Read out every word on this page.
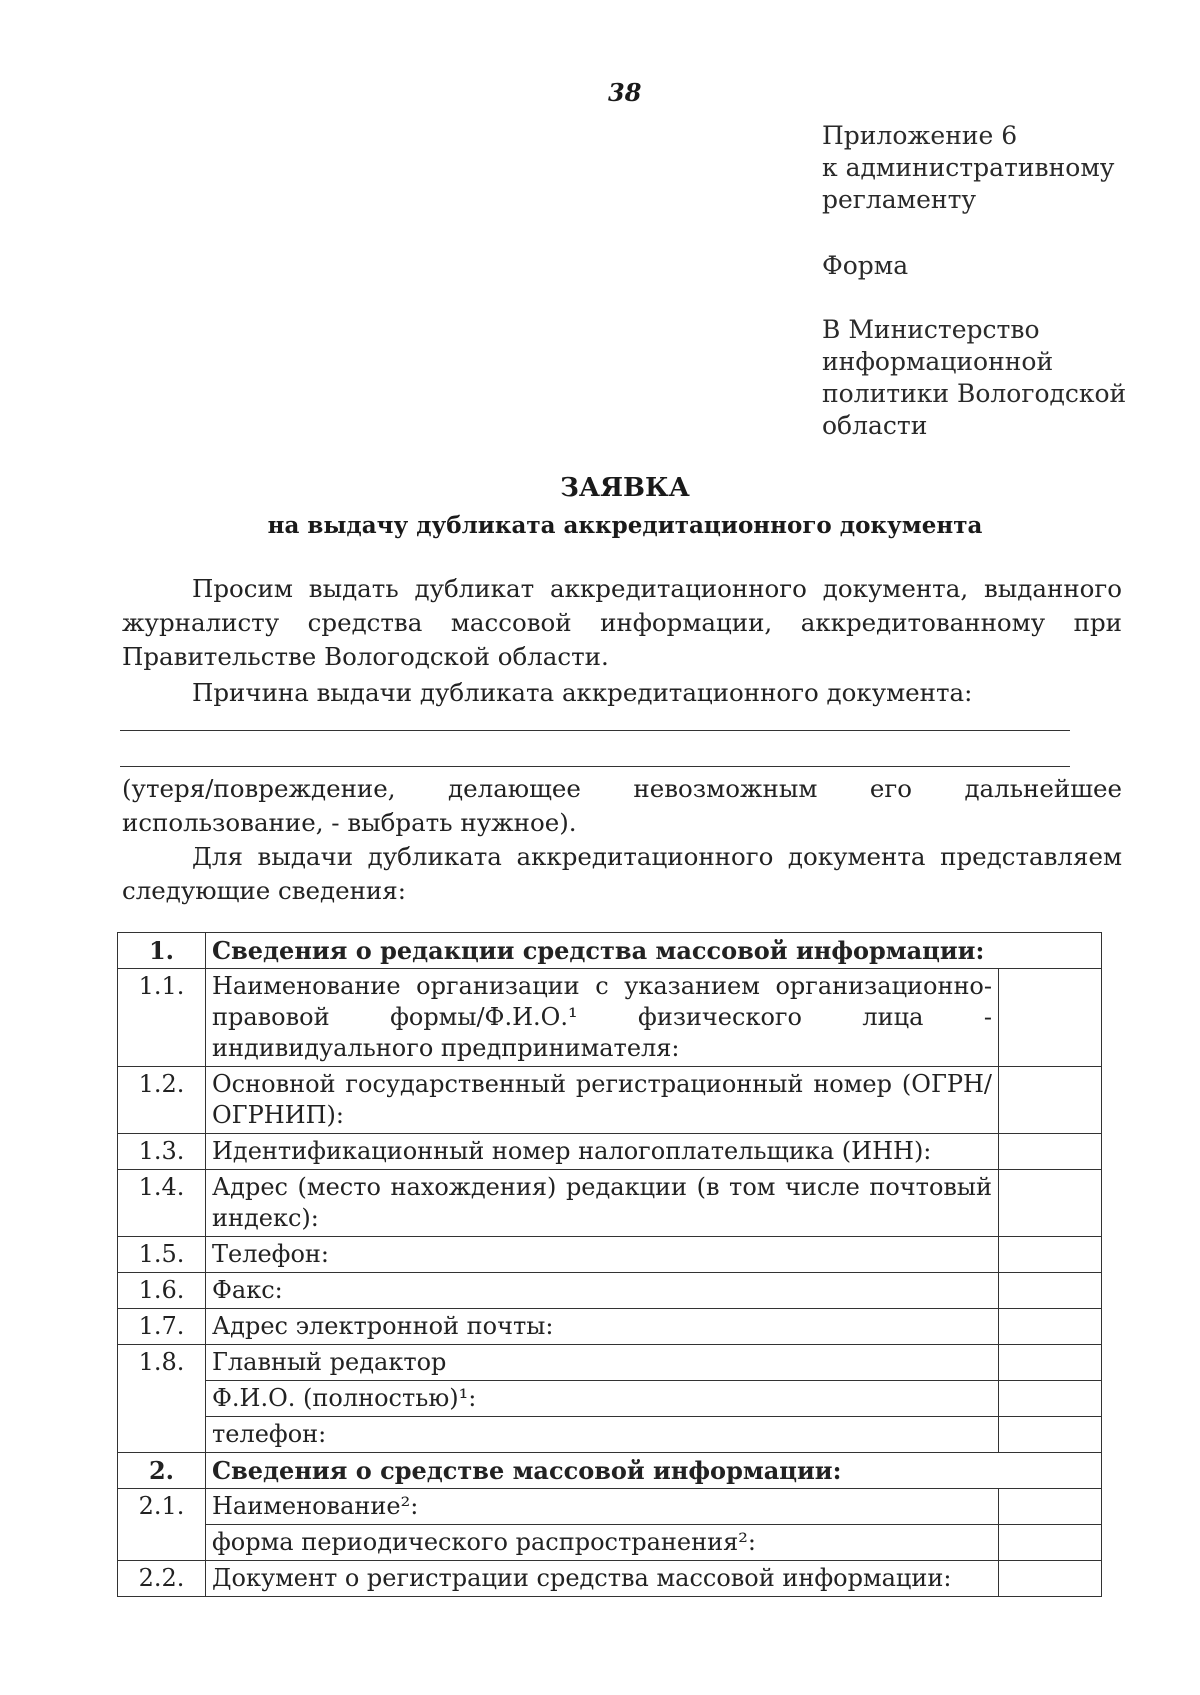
38
Приложение 6
к административному
регламенту
Форма
В Министерство
информационной
политики Вологодской
области
ЗАЯВКА
на выдачу дубликата аккредитационного документа
Просим выдать дубликат аккредитационного документа, выданного журналисту средства массовой информации, аккредитованному при Правительстве Вологодской области.
Причина выдачи дубликата аккредитационного документа:
(утеря/повреждение, делающее невозможным его дальнейшее использование, - выбрать нужное).
Для выдачи дубликата аккредитационного документа представляем следующие сведения:
1.	Сведения о редакции средства массовой информации:	
1.1.	Наименование организации с указанием организационно-правовой формы/Ф.И.О.¹ физического лица - индивидуального предпринимателя:	
1.2.	Основной государственный регистрационный номер (ОГРН/ОГРНИП):	
1.3.	Идентификационный номер налогоплательщика (ИНН):	
1.4.	Адрес (место нахождения) редакции (в том числе почтовый индекс):	
1.5.	Телефон:	
1.6.	Факс:	
1.7.	Адрес электронной почты:	
1.8.	Главный редактор	
	Ф.И.О. (полностью)¹:	
	телефон:	
2.	Сведения о средстве массовой информации:	
2.1.	Наименование²:	
	форма периодического распространения²:	
2.2.	Документ о регистрации средства массовой информации:	
